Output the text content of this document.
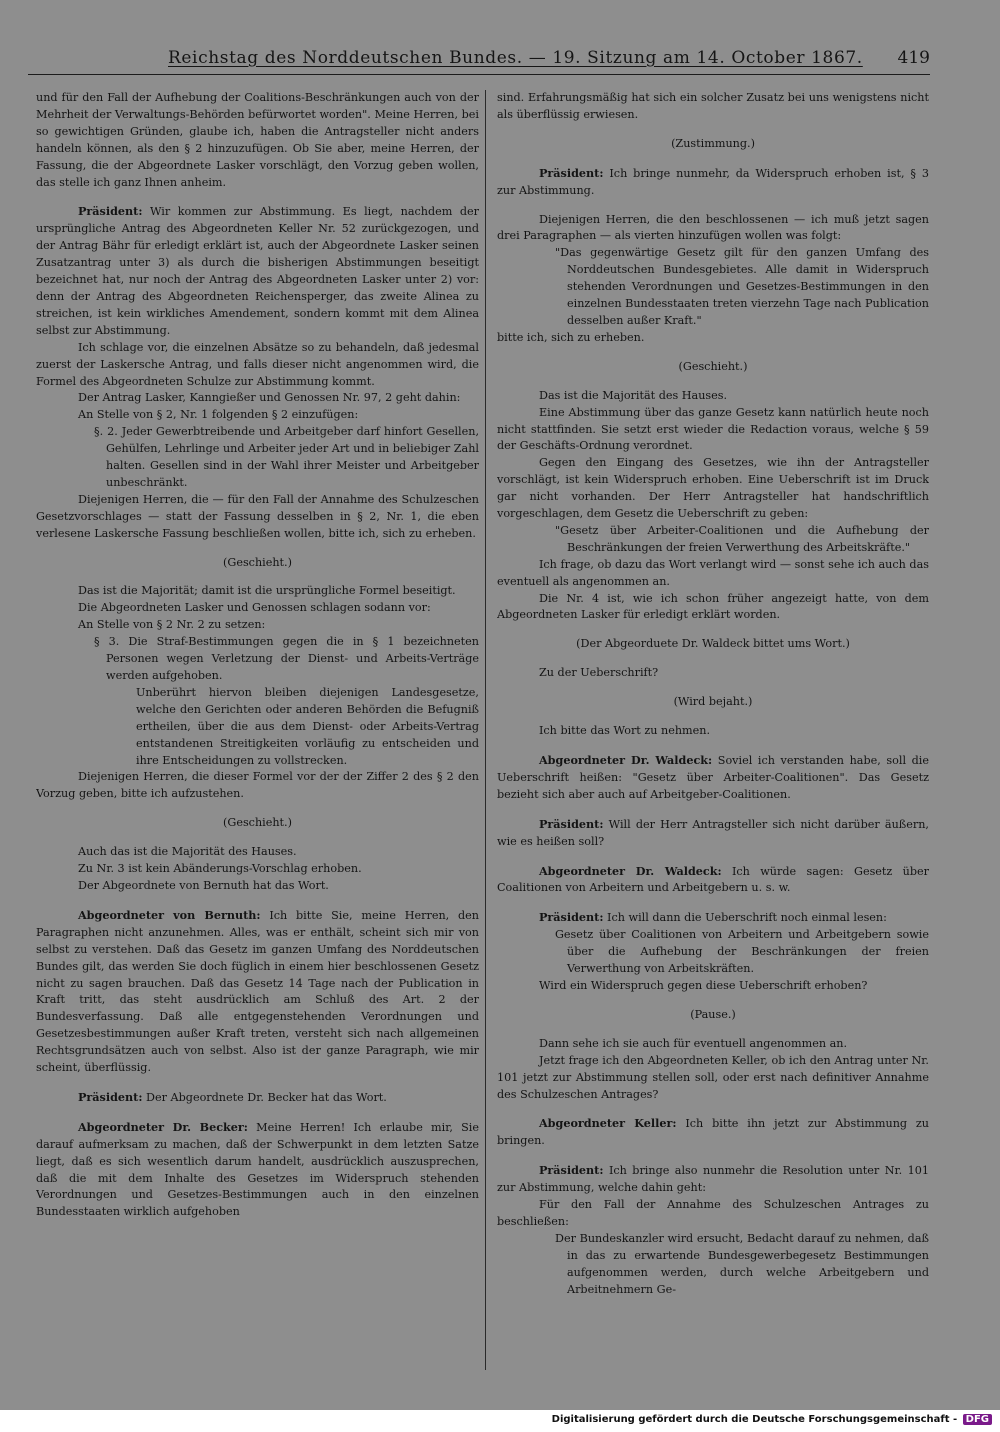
Reichstag des Norddeutschen Bundes. — 19. Sitzung am 14. October 1867. 419

und für den Fall der Aufhebung der Coalitions-Beschränkungen auch von der Mehrheit der Verwaltungs-Behörden befürwortet worden". Meine Herren, bei so gewichtigen Gründen, glaube ich, haben die Antragsteller nicht anders handeln können, als den § 2 hinzuzufügen. Ob Sie aber, meine Herren, der Fassung, die der Abgeordnete Lasker vorschlägt, den Vorzug geben wollen, das stelle ich ganz Ihnen anheim.

Präsident: Wir kommen zur Abstimmung. Es liegt, nachdem der ursprüngliche Antrag des Abgeordneten Keller Nr. 52 zurückgezogen, und der Antrag Bähr für erledigt erklärt ist, auch der Abgeordnete Lasker seinen Zusatzantrag unter 3) als durch die bisherigen Abstimmungen beseitigt bezeichnet hat, nur noch der Antrag des Abgeordneten Lasker unter 2) vor: denn der Antrag des Abgeordneten Reichensperger, das zweite Alinea zu streichen, ist kein wirkliches Amendement, sondern kommt mit dem Alinea selbst zur Abstimmung.

Ich schlage vor, die einzelnen Absätze so zu behandeln, daß jedesmal zuerst der Laskersche Antrag, und falls dieser nicht angenommen wird, die Formel des Abgeordneten Schulze zur Abstimmung kommt.

Der Antrag Lasker, Kanngießer und Genossen Nr. 97, 2 geht dahin:

An Stelle von § 2, Nr. 1 folgenden § 2 einzufügen:

§. 2. Jeder Gewerbtreibende und Arbeitgeber darf hinfort Gesellen, Gehülfen, Lehrlinge und Arbeiter jeder Art und in beliebiger Zahl halten. Gesellen sind in der Wahl ihrer Meister und Arbeitgeber unbeschränkt.

Diejenigen Herren, die — für den Fall der Annahme des Schulzeschen Gesetzvorschlages — statt der Fassung desselben in § 2, Nr. 1, die eben verlesene Laskersche Fassung beschließen wollen, bitte ich, sich zu erheben.

(Geschieht.)

Das ist die Majorität; damit ist die ursprüngliche Formel beseitigt.

Die Abgeordneten Lasker und Genossen schlagen sodann vor:

An Stelle von § 2 Nr. 2 zu setzen:

§ 3. Die Straf-Bestimmungen gegen die in § 1 bezeichneten Personen wegen Verletzung der Dienst- und Arbeits-Verträge werden aufgehoben.

Unberührt hiervon bleiben diejenigen Landesgesetze, welche den Gerichten oder anderen Behörden die Befugniß ertheilen, über die aus dem Dienst- oder Arbeits-Vertrag entstandenen Streitigkeiten vorläufig zu entscheiden und ihre Entscheidungen zu vollstrecken.

Diejenigen Herren, die dieser Formel vor der der Ziffer 2 des § 2 den Vorzug geben, bitte ich aufzustehen.

(Geschieht.)

Auch das ist die Majorität des Hauses.

Zu Nr. 3 ist kein Abänderungs-Vorschlag erhoben.

Der Abgeordnete von Bernuth hat das Wort.

Abgeordneter von Bernuth: Ich bitte Sie, meine Herren, den Paragraphen nicht anzunehmen. Alles, was er enthält, scheint sich mir von selbst zu verstehen. Daß das Gesetz im ganzen Umfang des Norddeutschen Bundes gilt, das werden Sie doch füglich in einem hier beschlossenen Gesetz nicht zu sagen brauchen. Daß das Gesetz 14 Tage nach der Publication in Kraft tritt, das steht ausdrücklich am Schluß des Art. 2 der Bundesverfassung. Daß alle entgegenstehenden Verordnungen und Gesetzesbestimmungen außer Kraft treten, versteht sich nach allgemeinen Rechtsgrundsätzen auch von selbst. Also ist der ganze Paragraph, wie mir scheint, überflüssig.

Präsident: Der Abgeordnete Dr. Becker hat das Wort.

Abgeordneter Dr. Becker: Meine Herren! Ich erlaube mir, Sie darauf aufmerksam zu machen, daß der Schwerpunkt in dem letzten Satze liegt, daß es sich wesentlich darum handelt, ausdrücklich auszusprechen, daß die mit dem Inhalte des Gesetzes im Widerspruch stehenden Verordnungen und Gesetzes-Bestimmungen auch in den einzelnen Bundesstaaten wirklich aufgehoben

sind. Erfahrungsmäßig hat sich ein solcher Zusatz bei uns wenigstens nicht als überflüssig erwiesen.

(Zustimmung.)

Präsident: Ich bringe nunmehr, da Widerspruch erhoben ist, § 3 zur Abstimmung.

Diejenigen Herren, die den beschlossenen — ich muß jetzt sagen drei Paragraphen — als vierten hinzufügen wollen was folgt:

"Das gegenwärtige Gesetz gilt für den ganzen Umfang des Norddeutschen Bundesgebietes. Alle damit in Widerspruch stehenden Verordnungen und Gesetzes-Bestimmungen in den einzelnen Bundesstaaten treten vierzehn Tage nach Publication desselben außer Kraft."

bitte ich, sich zu erheben.

(Geschieht.)

Das ist die Majorität des Hauses.

Eine Abstimmung über das ganze Gesetz kann natürlich heute noch nicht stattfinden. Sie setzt erst wieder die Redaction voraus, welche § 59 der Geschäfts-Ordnung verordnet.

Gegen den Eingang des Gesetzes, wie ihn der Antragsteller vorschlägt, ist kein Widerspruch erhoben. Eine Ueberschrift ist im Druck gar nicht vorhanden. Der Herr Antragsteller hat handschriftlich vorgeschlagen, dem Gesetz die Ueberschrift zu geben:

"Gesetz über Arbeiter-Coalitionen und die Aufhebung der Beschränkungen der freien Verwerthung des Arbeitskräfte."

Ich frage, ob dazu das Wort verlangt wird — sonst sehe ich auch das eventuell als angenommen an.

Die Nr. 4 ist, wie ich schon früher angezeigt hatte, von dem Abgeordneten Lasker für erledigt erklärt worden.

(Der Abgeorduete Dr. Waldeck bittet ums Wort.)

Zu der Ueberschrift?

(Wird bejaht.)

Ich bitte das Wort zu nehmen.

Abgeordneter Dr. Waldeck: Soviel ich verstanden habe, soll die Ueberschrift heißen: "Gesetz über Arbeiter-Coalitionen". Das Gesetz bezieht sich aber auch auf Arbeitgeber-Coalitionen.

Präsident: Will der Herr Antragsteller sich nicht darüber äußern, wie es heißen soll?

Abgeordneter Dr. Waldeck: Ich würde sagen: Gesetz über Coalitionen von Arbeitern und Arbeitgebern u. s. w.

Präsident: Ich will dann die Ueberschrift noch einmal lesen:

Gesetz über Coalitionen von Arbeitern und Arbeitgebern sowie über die Aufhebung der Beschränkungen der freien Verwerthung von Arbeitskräften.

Wird ein Widerspruch gegen diese Ueberschrift erhoben?

(Pause.)

Dann sehe ich sie auch für eventuell angenommen an.

Jetzt frage ich den Abgeordneten Keller, ob ich den Antrag unter Nr. 101 jetzt zur Abstimmung stellen soll, oder erst nach definitiver Annahme des Schulzeschen Antrages?

Abgeordneter Keller: Ich bitte ihn jetzt zur Abstimmung zu bringen.

Präsident: Ich bringe also nunmehr die Resolution unter Nr. 101 zur Abstimmung, welche dahin geht:

Für den Fall der Annahme des Schulzeschen Antrages zu beschließen:

Der Bundeskanzler wird ersucht, Bedacht darauf zu nehmen, daß in das zu erwartende Bundesgewerbegesetz Bestimmungen aufgenommen werden, durch welche Arbeitgebern und Arbeitnehmern Ge-

Digitalisierung gefördert durch die Deutsche Forschungsgemeinschaft - DFG
